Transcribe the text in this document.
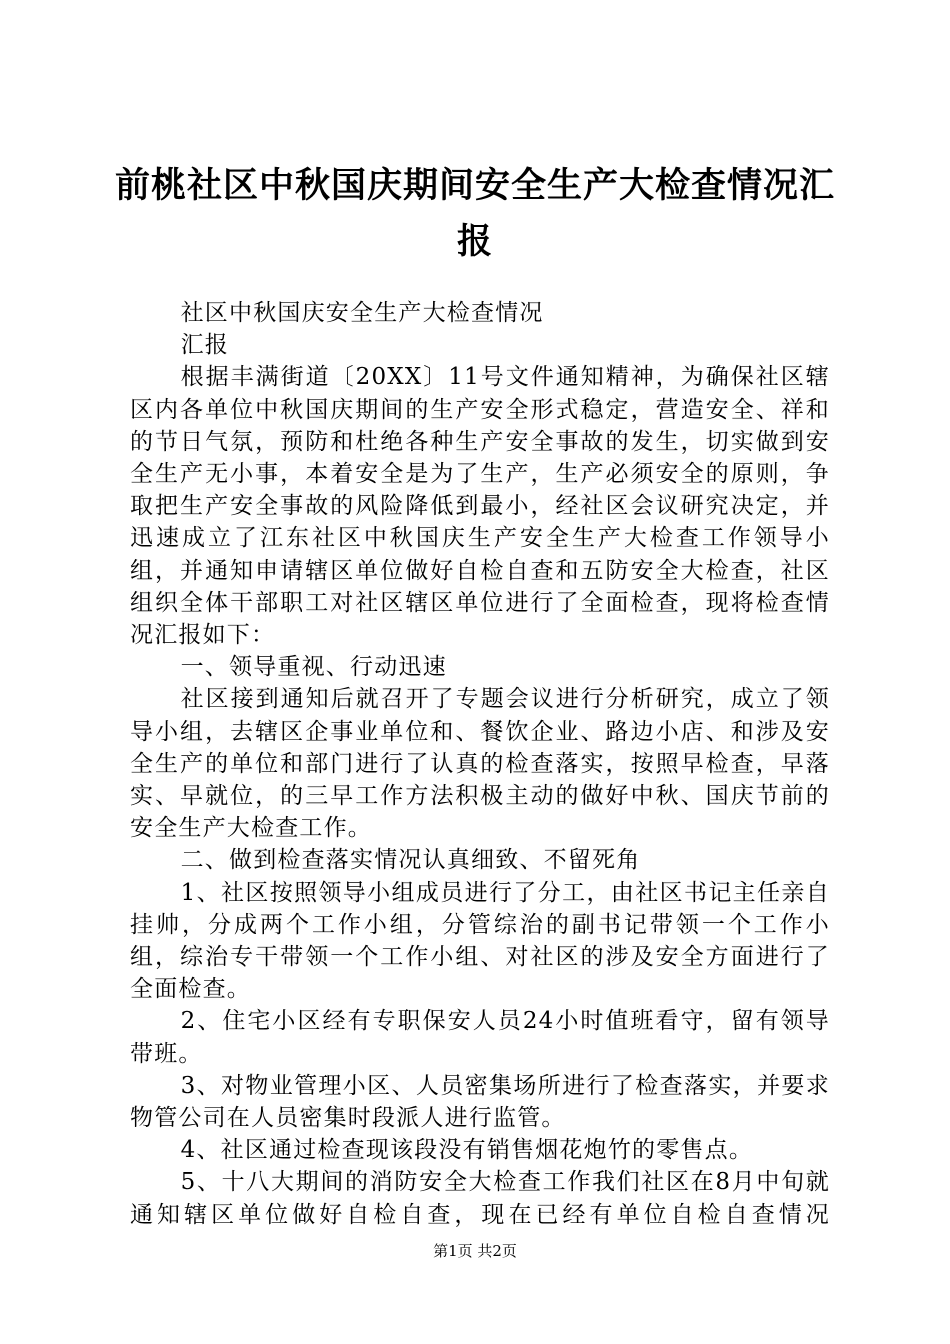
前桃社区中秋国庆期间安全生产大检查情况汇报

社区中秋国庆安全生产大检查情况

汇报

根据丰满街道〔20XX〕11号文件通知精神，为确保社区辖区内各单位中秋国庆期间的生产安全形式稳定，营造安全、祥和的节日气氛，预防和杜绝各种生产安全事故的发生，切实做到安全生产无小事，本着安全是为了生产，生产必须安全的原则，争取把生产安全事故的风险降低到最小，经社区会议研究决定，并迅速成立了江东社区中秋国庆生产安全生产大检查工作领导小组，并通知申请辖区单位做好自检自查和五防安全大检查，社区组织全体干部职工对社区辖区单位进行了全面检查，现将检查情况汇报如下：

一、领导重视、行动迅速

社区接到通知后就召开了专题会议进行分析研究，成立了领导小组，去辖区企事业单位和、餐饮企业、路边小店、和涉及安全生产的单位和部门进行了认真的检查落实，按照早检查，早落实、早就位，的三早工作方法积极主动的做好中秋、国庆节前的安全生产大检查工作。

二、做到检查落实情况认真细致、不留死角

1、社区按照领导小组成员进行了分工，由社区书记主任亲自挂帅，分成两个工作小组，分管综治的副书记带领一个工作小组，综治专干带领一个工作小组、对社区的涉及安全方面进行了全面检查。

2、住宅小区经有专职保安人员24小时值班看守，留有领导带班。

3、对物业管理小区、人员密集场所进行了检查落实，并要求物管公司在人员密集时段派人进行监管。

4、社区通过检查现该段没有销售烟花炮竹的零售点。

5、十八大期间的消防安全大检查工作我们社区在8月中旬就通知辖区单位做好自检自查，现在已经有单位自检自查情况

第1页 共2页
